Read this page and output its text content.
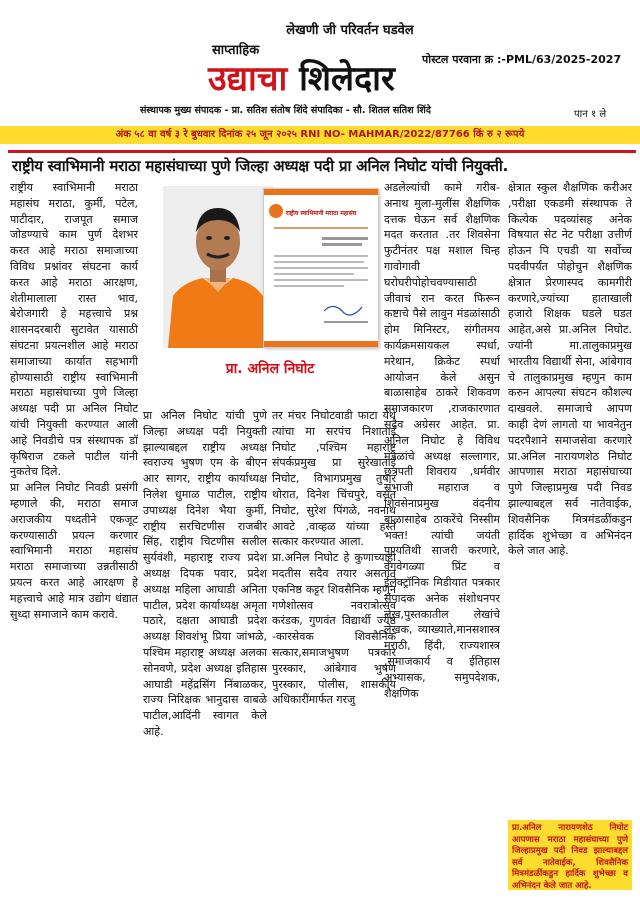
लेखणी जी परिवर्तन घडवेल
साप्ताहिक
उद्याचा शिलेदार	पोस्टल परवाना क्र :-PML/63/2025-2027
संस्थापक मुख्य संपादक - प्रा. सतिश संतोष शिंदे संपादिका - सौ. शितल सतिश शिंदे	पान १ ले
अंक ५८ वा वर्ष ३ रे बुधवार दिनांक २५ जून २०२५ RNI NO- MAHMAR/2022/87766 किं रु २ रूपये
राष्ट्रीय स्वाभिमानी मराठा महासंघाच्या पुणे जिल्हा अध्यक्ष पदी प्रा अनिल निघोट यांची नियुक्ती.

राष्ट्रीय स्वाभिमानी मराठा महासंघ मराठा, कुर्मी, पटेल, पाटीदार, राजपूत समाज जोडण्याचे काम पुर्ण देशभर करत आहे मराठा समाजाच्या विविध प्रश्नांवर संघटना कार्य करत आहे मराठा आरक्षण, शेतीमालाला रास्त भाव, बेरोजगारी हे महत्त्वाचे प्रश्न शासनदरबारी सुटावेत यासाठी संघटना प्रयत्नशील आहे मराठा समाजाच्या कार्यात सहभागी होण्यासाठी राष्ट्रीय स्वाभिमानी मराठा महासंघाच्या पुणे जिल्हा अध्यक्ष पदी प्रा अनिल निघोट यांची नियुक्ती करण्यात आली आहे निवडीचे पत्र संस्थापक डॉ कृषिराज टकले पाटील यांनी नुकतेच दिले.

प्रा अनिल निघोट निवडी प्रसंगी म्हणाले की, मराठा समाज अराजकीय पध्दतीने एकजूट करण्यासाठी प्रयत्न करणार स्वाभिमानी मराठा महासंघ मराठा समाजाच्या उन्नतीसाठी प्रयत्न करत आहे आरक्षण हे महत्त्वाचे आहे मात्र उद्योग धंद्यात सुध्दा समाजाने काम करावे.

राष्ट्रीय स्वाभिमानी मराठा महासंघ
प्रा. अनिल निघोट

प्रा अनिल निघोट यांची पुणे जिल्हा अध्यक्ष पदी नियुक्ती झाल्याबद्दल राष्ट्रीय अध्यक्ष स्वराज्य भुषण एम के बीएन आर सागर, राष्ट्रीय कार्याध्यक्ष निलेश धुमाळ पाटील, राष्ट्रीय उपाध्यक्ष दिनेश भैया कुर्मी, राष्ट्रीय सरचिटणीस राजबीर सिंह, राष्ट्रीय चिटणीस सलील सुर्यवंशी, महाराष्ट्र राज्य प्रदेश अध्यक्ष दिपक पवार, प्रदेश अध्यक्ष महिला आघाडी अनिता पाटील, प्रदेश कार्याध्यक्ष अमृता पठारे, दक्षता आघाडी प्रदेश अध्यक्ष शिवशंभू प्रिया जांभळे, पश्चिम महाराष्ट्र अध्यक्ष अलका सोनवणे, प्रदेश अध्यक्ष इतिहास आघाडी महेंद्रसिंग निंबाळकर, राज्य निरिक्षक भानुदास वाबळे पाटील,आदिंनी स्वागत केले आहे.

तर मंचर निघोटवाडी फाटा येथे त्यांचा मा सरपंच निशाताई निघोट ,पश्चिम महाराष्ट्र संपर्कप्रमुख प्रा सुरेखाताई निघोट, विभागप्रमुख तुषार थोरात, दिनेश चिंचपुरे, वसंत निघोट, सुरेश पिंगळे, नवनाथ आवटे ,वाव्हळ यांच्या हस्ते सत्कार करण्यात आला.

प्रा.अनिल निघोट हे कुणाच्याही मदतीस सदैव तयार असतात एकनिष्ठ कट्टर शिवसैनिक म्हणुन गणेशोत्सव नवरात्रोत्सव करंडक, गुणवंत विद्यार्थी ज्येष्ठ -कारसेवक शिवसैनिक सत्कार,समाजभुषण पत्रकार पुरस्कार, आंबेगाव भुषण पुरस्कार, पोलीस, शासकीय अधिकारींमार्फत गरजु

अडलेल्यांची कामे गरीब-अनाथ मुला-मुलींस शैक्षणिक दत्तक घेऊन सर्व शैक्षणिक मदत करतात .तर शिवसेना फुटीनंतर पक्ष मशाल चिन्ह गावोगावी घरोघरीपोहोचवण्यासाठी जीवाचं रान करत फिरून कष्टाचे पैसे लावुन मंडळांसाठी होम मिनिस्टर, संगीतमय कार्यक्रमसायकल स्पर्धा, मरेथान, क्रिकेट स्पर्धा आयोजन केले असुन बाळासाहेब ठाकरे शिकवण समाजकारण ,राजकारणात सदैव अग्रेसर आहेत. प्रा. अनिल निघोट हे विविध मंडळांचे अध्यक्ष सल्लागार, छत्रपती शिवराय ,धर्मवीर संभाजी महाराज व शिवसेनाप्रमुख वंदनीय बाळासाहेब ठाकरेंचे निस्सीम भक्त! त्यांची जयंती पुण्यतिथी साजरी करणारे, वेगवेगळ्या प्रिंट व ईलेक्ट्रॉनिक मिडीयात पत्रकार संपादक अनेक संशोधनपर लेख,पुस्तकातील लेखांचे लेखक, व्याख्याते,मानसशास्त्र मराठी, हिंदी, राज्यशास्त्र ,समाजकार्य व ईतिहास अभ्यासक, समुपदेशक, शैक्षणिक

क्षेत्रात स्कुल शैक्षणिक करीअर ,परीक्षा एकडमी संस्थापक ते कित्येक पदव्यांसह अनेक विषयात सेट नेट परीक्षा उत्तीर्ण होऊन पि एचडी या सर्वोच्च पदवीपर्यंत पोहोचुन शैक्षणिक क्षेत्रात प्रेरणास्पद कामगीरी करणारे,ज्यांच्या हाताखाली हजारो शिक्षक घडले घडत आहेत,असे प्रा.अनिल निघोट. ज्यांनी मा.तालुकाप्रमुख भारतीय विद्यार्थी सेना, आंबेगाव चे तालुकाप्रमुख म्हणुन काम करुन आपल्या संघटन कौशल्य दाखवले. समाजाचे आपण काही देणं लागतो या भावनेतुन पदरपैशाने समाजसेवा करणारे प्रा.अनिल नारायणशेठ निघोट आपणास मराठा महासंघाच्या पुणे जिल्हाप्रमुख पदी निवड झाल्याबद्दल सर्व नातेवाईक, शिवसैनिक मित्रमंडळींकडुन हार्दिक शुभेच्छा व अभिनंदन केले जात आहे.

प्रा.अनिल नारायणशेठ निघोट आपणास मराठा महासंघाच्या पुणे जिल्हाप्रमुख पदी निवड झाल्याबद्दल सर्व नातेवाईक, शिवसैनिक मित्रमंडळींकडुन हार्दिक शुभेच्छा व अभिनंदन केले जात आहे.
